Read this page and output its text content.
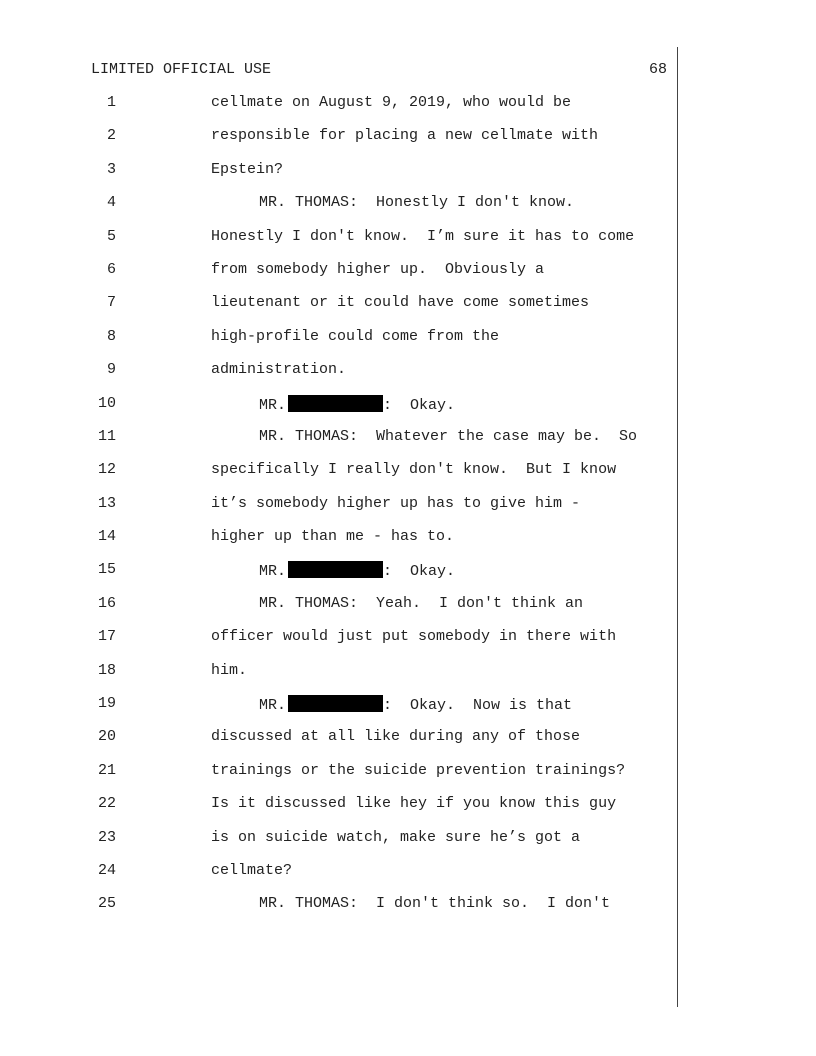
LIMITED OFFICIAL USE	68
1	cellmate on August 9, 2019, who would be
2	responsible for placing a new cellmate with
3	Epstein?
4	MR. THOMAS:  Honestly I don't know.
5	Honestly I don't know.  I’m sure it has to come
6	from somebody higher up.  Obviously a
7	lieutenant or it could have come sometimes
8	high-profile could come from the
9	administration.
10	MR.	:  Okay.
11	MR. THOMAS:  Whatever the case may be.  So
12	specifically I really don't know.  But I know
13	it’s somebody higher up has to give him -
14	higher up than me - has to.
15	MR.	:  Okay.
16	MR. THOMAS:  Yeah.  I don't think an
17	officer would just put somebody in there with
18	him.
19	MR.	:  Okay.  Now is that
20	discussed at all like during any of those
21	trainings or the suicide prevention trainings?
22	Is it discussed like hey if you know this guy
23	is on suicide watch, make sure he’s got a
24	cellmate?
25	MR. THOMAS:  I don't think so.  I don't
